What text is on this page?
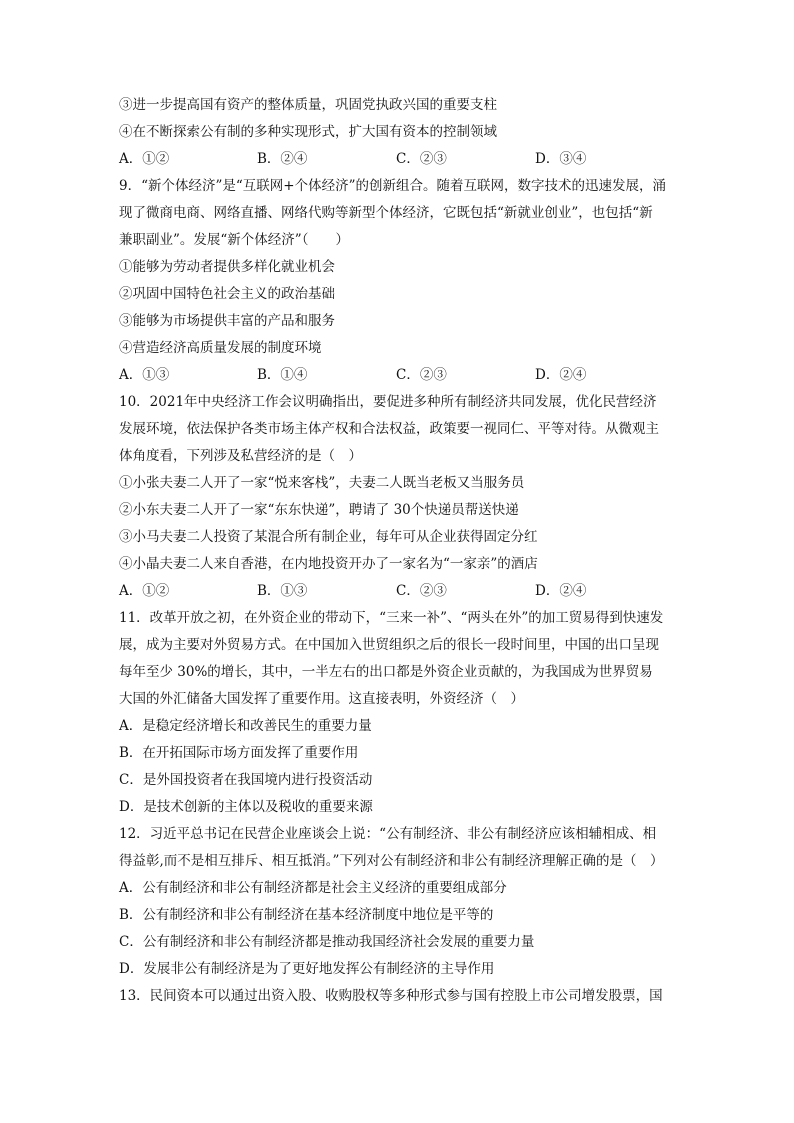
③进一步提高国有资产的整体质量，巩固党执政兴国的重要支柱
④在不断探索公有制的多种实现形式，扩大国有资本的控制领域
A．①②	B．②④	C．②③	D．③④
9．“新个体经济”是“互联网+个体经济”的创新组合。随着互联网，数字技术的迅速发展，涌
现了微商电商、网络直播、网络代购等新型个体经济，它既包括“新就业创业”，也包括“新
兼职副业”。发展“新个体经济”（　　）
①能够为劳动者提供多样化就业机会
②巩固中国特色社会主义的政治基础
③能够为市场提供丰富的产品和服务
④营造经济高质量发展的制度环境
A．①③	B．①④	C．②③	D．②④
10．2021年中央经济工作会议明确指出，要促进多种所有制经济共同发展，优化民营经济
发展环境，依法保护各类市场主体产权和合法权益，政策要一视同仁、平等对待。从微观主
体角度看，下列涉及私营经济的是（　）
①小张夫妻二人开了一家“悦来客栈”，夫妻二人既当老板又当服务员
②小东夫妻二人开了一家“东东快递”，聘请了 30个快递员帮送快递
③小马夫妻二人投资了某混合所有制企业，每年可从企业获得固定分红
④小晶夫妻二人来自香港，在内地投资开办了一家名为“一家亲”的酒店
A．①②	B．①③	C．②③	D．②④
11．改革开放之初，在外资企业的带动下，“三来一补”、“两头在外”的加工贸易得到快速发
展，成为主要对外贸易方式。在中国加入世贸组织之后的很长一段时间里，中国的出口呈现
每年至少 30%的增长，其中，一半左右的出口都是外资企业贡献的，为我国成为世界贸易
大国的外汇储备大国发挥了重要作用。这直接表明，外资经济（　）
A．是稳定经济增长和改善民生的重要力量
B．在开拓国际市场方面发挥了重要作用
C．是外国投资者在我国境内进行投资活动
D．是技术创新的主体以及税收的重要来源
12．习近平总书记在民营企业座谈会上说：“公有制经济、非公有制经济应该相辅相成、相
得益彰,而不是相互排斥、相互抵消。”下列对公有制经济和非公有制经济理解正确的是（　）
A．公有制经济和非公有制经济都是社会主义经济的重要组成部分
B．公有制经济和非公有制经济在基本经济制度中地位是平等的
C．公有制经济和非公有制经济都是推动我国经济社会发展的重要力量
D．发展非公有制经济是为了更好地发挥公有制经济的主导作用
13．民间资本可以通过出资入股、收购股权等多种形式参与国有控股上市公司增发股票，国
